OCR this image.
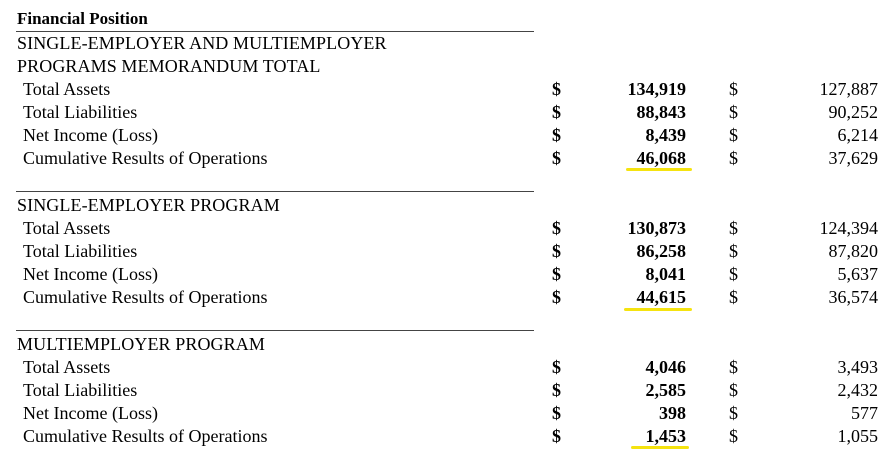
Financial Position
SINGLE-EMPLOYER AND MULTIEMPLOYER
PROGRAMS MEMORANDUM TOTAL
Total Assets	$	134,919 $	127,887
Total Liabilities	$	88,843 $	90,252
Net Income (Loss)	$	8,439 $	6,214
Cumulative Results of Operations	$	46,068 $	37,629
SINGLE-EMPLOYER PROGRAM
Total Assets	$	130,873 $	124,394
Total Liabilities	$	86,258 $	87,820
Net Income (Loss)	$	8,041 $	5,637
Cumulative Results of Operations	$	44,615 $	36,574
MULTIEMPLOYER PROGRAM
Total Assets	$	4,046 $	3,493
Total Liabilities	$	2,585 $	2,432
Net Income (Loss)	$	398 $	577
Cumulative Results of Operations	$	1,453 $	1,055
